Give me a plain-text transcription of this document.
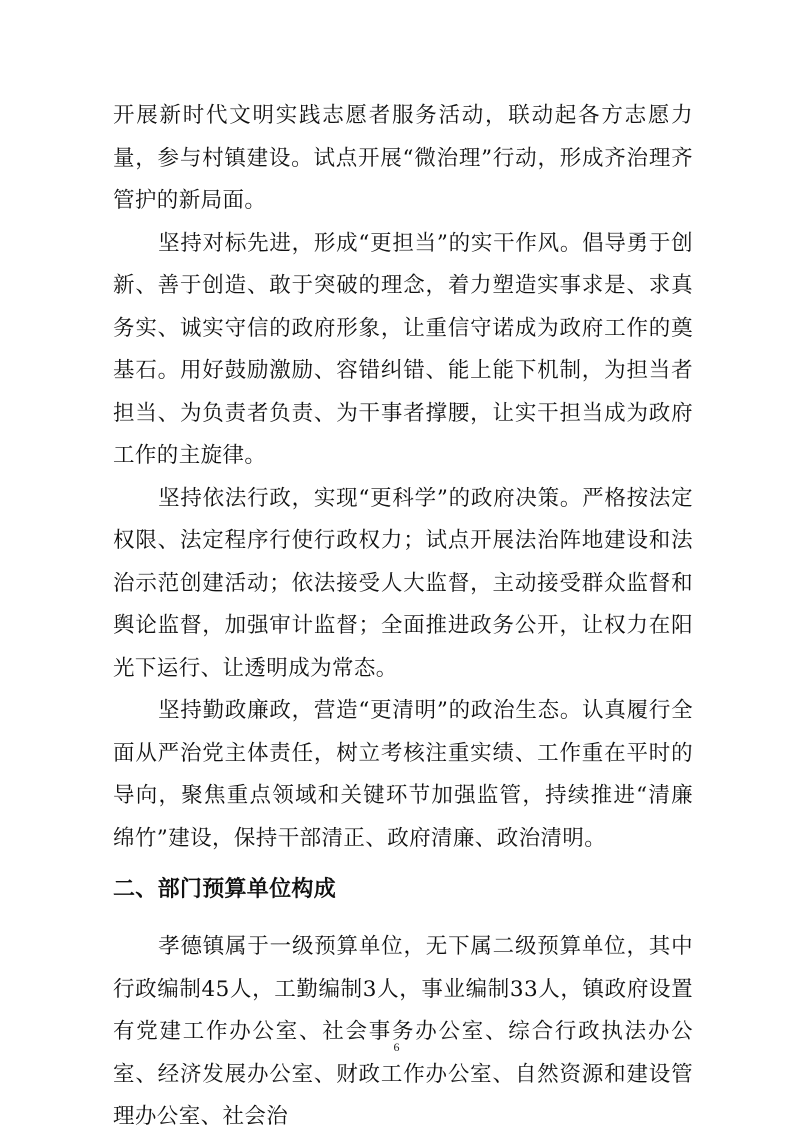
开展新时代文明实践志愿者服务活动，联动起各方志愿力量，参与村镇建设。试点开展“微治理”行动，形成齐治理齐管护的新局面。

坚持对标先进，形成“更担当”的实干作风。倡导勇于创新、善于创造、敢于突破的理念，着力塑造实事求是、求真务实、诚实守信的政府形象，让重信守诺成为政府工作的奠基石。用好鼓励激励、容错纠错、能上能下机制，为担当者担当、为负责者负责、为干事者撑腰，让实干担当成为政府工作的主旋律。

坚持依法行政，实现“更科学”的政府决策。严格按法定权限、法定程序行使行政权力；试点开展法治阵地建设和法治示范创建活动；依法接受人大监督，主动接受群众监督和舆论监督，加强审计监督；全面推进政务公开，让权力在阳光下运行、让透明成为常态。

坚持勤政廉政，营造“更清明”的政治生态。认真履行全面从严治党主体责任，树立考核注重实绩、工作重在平时的导向，聚焦重点领域和关键环节加强监管，持续推进“清廉绵竹”建设，保持干部清正、政府清廉、政治清明。

二、部门预算单位构成

孝德镇属于一级预算单位，无下属二级预算单位，其中行政编制45人，工勤编制3人，事业编制33人，镇政府设置有党建工作办公室、社会事务办公室、综合行政执法办公室、经济发展办公室、财政工作办公室、自然资源和建设管理办公室、社会治

6
